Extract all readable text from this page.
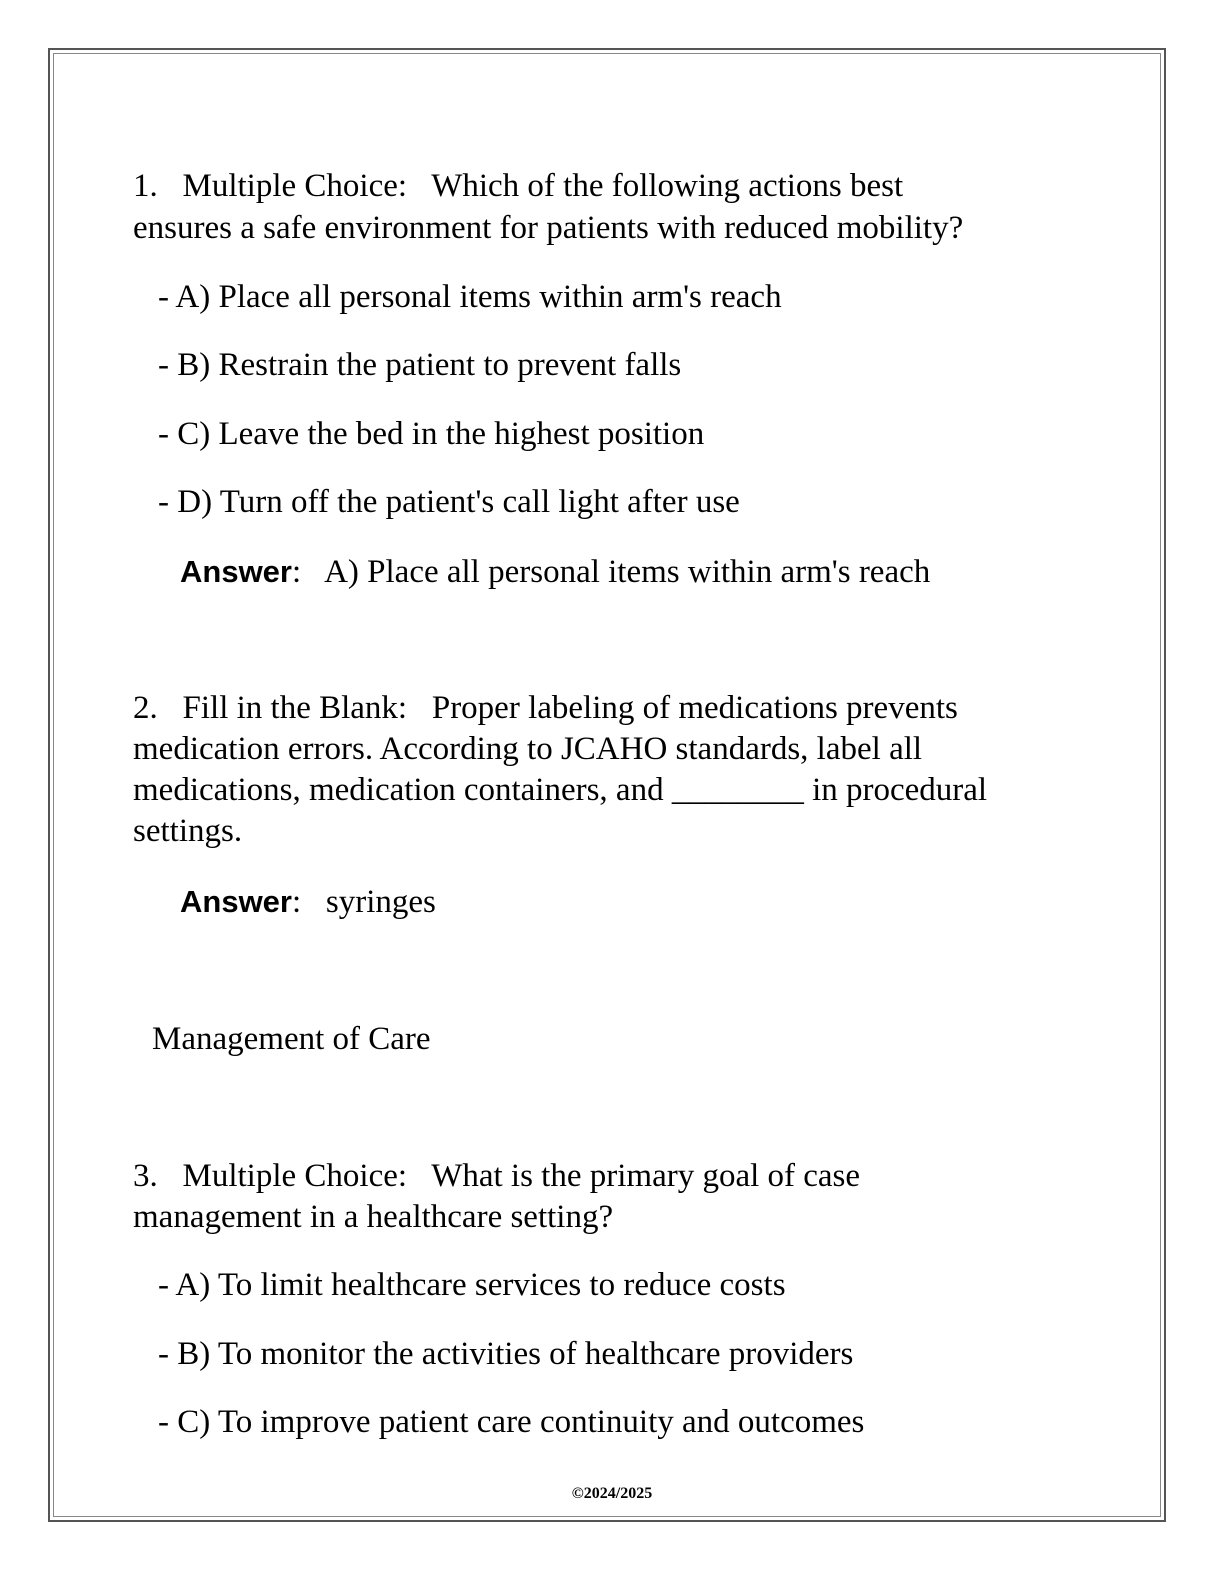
1.   Multiple Choice:   Which of the following actions best
ensures a safe environment for patients with reduced mobility?
- A) Place all personal items within arm's reach
- B) Restrain the patient to prevent falls
- C) Leave the bed in the highest position
- D) Turn off the patient's call light after use
Answer:   A) Place all personal items within arm's reach
2.   Fill in the Blank:   Proper labeling of medications prevents
medication errors. According to JCAHO standards, label all
medications, medication containers, and ________ in procedural
settings.
Answer:   syringes
Management of Care
3.   Multiple Choice:   What is the primary goal of case
management in a healthcare setting?
- A) To limit healthcare services to reduce costs
- B) To monitor the activities of healthcare providers
- C) To improve patient care continuity and outcomes
©2024/2025
